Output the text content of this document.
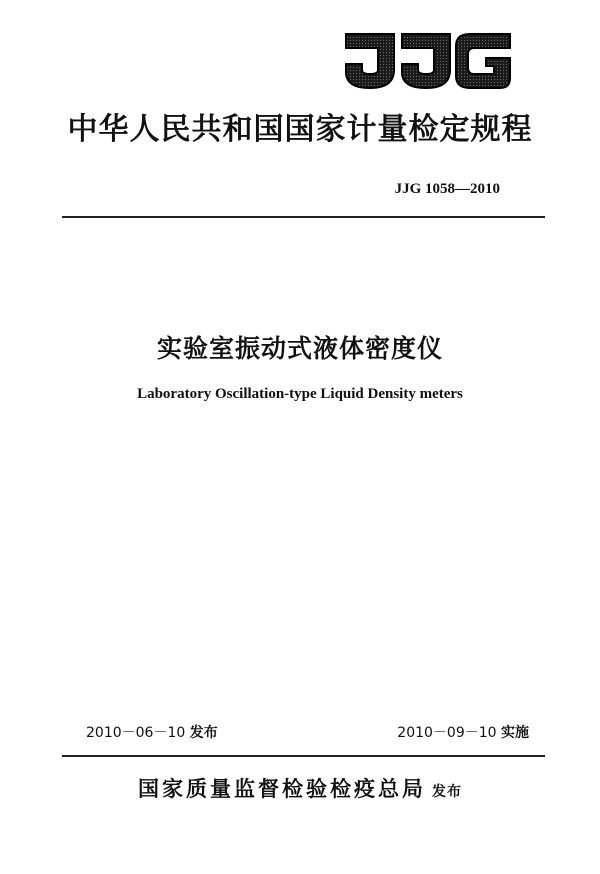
中华人民共和国国家计量检定规程
JJG 1058—2010
实验室振动式液体密度仪
Laboratory Oscillation-type Liquid Density meters
2010－06－10 发布	2010－09－10 实施
国家质量监督检验检疫总局 发布
